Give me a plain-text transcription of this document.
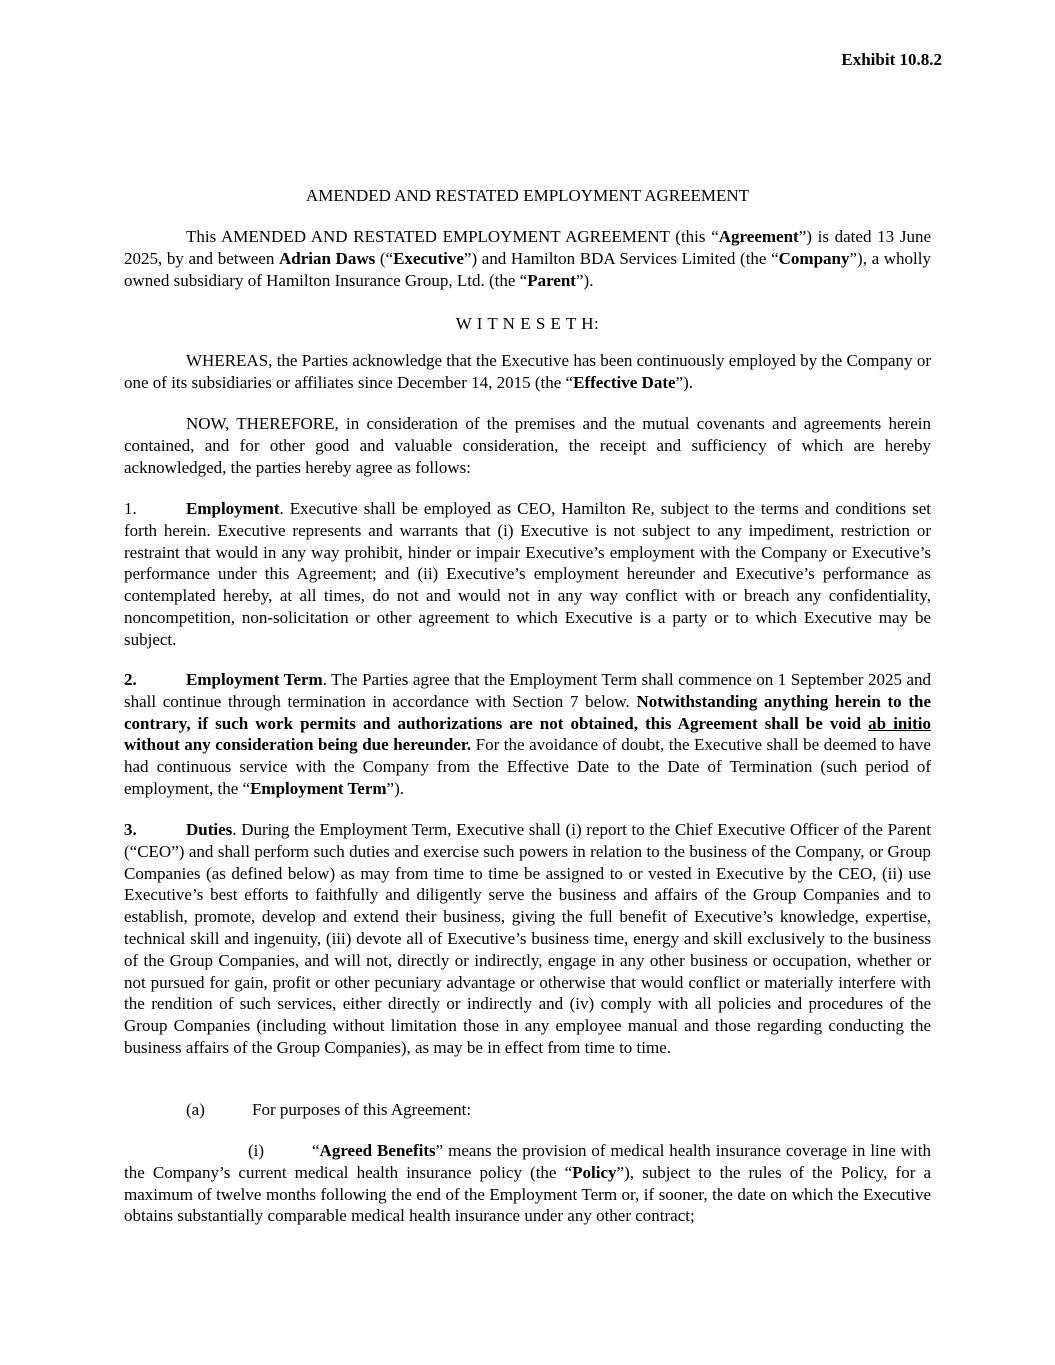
Exhibit 10.8.2
AMENDED AND RESTATED EMPLOYMENT AGREEMENT

This AMENDED AND RESTATED EMPLOYMENT AGREEMENT (this “Agreement”) is dated 13 June 2025, by and between Adrian Daws (“Executive”) and Hamilton BDA Services Limited (the “Company”), a wholly owned subsidiary of Hamilton Insurance Group, Ltd. (the “Parent”).

W I T N E S E T H:

WHEREAS, the Parties acknowledge that the Executive has been continuously employed by the Company or one of its subsidiaries or affiliates since December 14, 2015 (the “Effective Date”).

NOW, THEREFORE, in consideration of the premises and the mutual covenants and agreements herein contained, and for other good and valuable consideration, the receipt and sufficiency of which are hereby acknowledged, the parties hereby agree as follows:

1.	Employment. Executive shall be employed as CEO, Hamilton Re, subject to the terms and conditions set forth herein. Executive represents and warrants that (i) Executive is not subject to any impediment, restriction or restraint that would in any way prohibit, hinder or impair Executive’s employment with the Company or Executive’s performance under this Agreement; and (ii) Executive’s employment hereunder and Executive’s performance as contemplated hereby, at all times, do not and would not in any way conflict with or breach any confidentiality, noncompetition, non-solicitation or other agreement to which Executive is a party or to which Executive may be subject.

2.	Employment Term. The Parties agree that the Employment Term shall commence on 1 September 2025 and shall continue through termination in accordance with Section 7 below. Notwithstanding anything herein to the contrary, if such work permits and authorizations are not obtained, this Agreement shall be void ab initio without any consideration being due hereunder. For the avoidance of doubt, the Executive shall be deemed to have had continuous service with the Company from the Effective Date to the Date of Termination (such period of employment, the “Employment Term”).

3.	Duties. During the Employment Term, Executive shall (i) report to the Chief Executive Officer of the Parent (“CEO”) and shall perform such duties and exercise such powers in relation to the business of the Company, or Group Companies (as defined below) as may from time to time be assigned to or vested in Executive by the CEO, (ii) use Executive’s best efforts to faithfully and diligently serve the business and affairs of the Group Companies and to establish, promote, develop and extend their business, giving the full benefit of Executive’s knowledge, expertise, technical skill and ingenuity, (iii) devote all of Executive’s business time, energy and skill exclusively to the business of the Group Companies, and will not, directly or indirectly, engage in any other business or occupation, whether or not pursued for gain, profit or other pecuniary advantage or otherwise that would conflict or materially interfere with the rendition of such services, either directly or indirectly and (iv) comply with all policies and procedures of the Group Companies (including without limitation those in any employee manual and those regarding conducting the business affairs of the Group Companies), as may be in effect from time to time.

(a)	For purposes of this Agreement:

(i)	“Agreed Benefits” means the provision of medical health insurance coverage in line with the Company’s current medical health insurance policy (the “Policy”), subject to the rules of the Policy, for a maximum of twelve months following the end of the Employment Term or, if sooner, the date on which the Executive obtains substantially comparable medical health insurance under any other contract;
